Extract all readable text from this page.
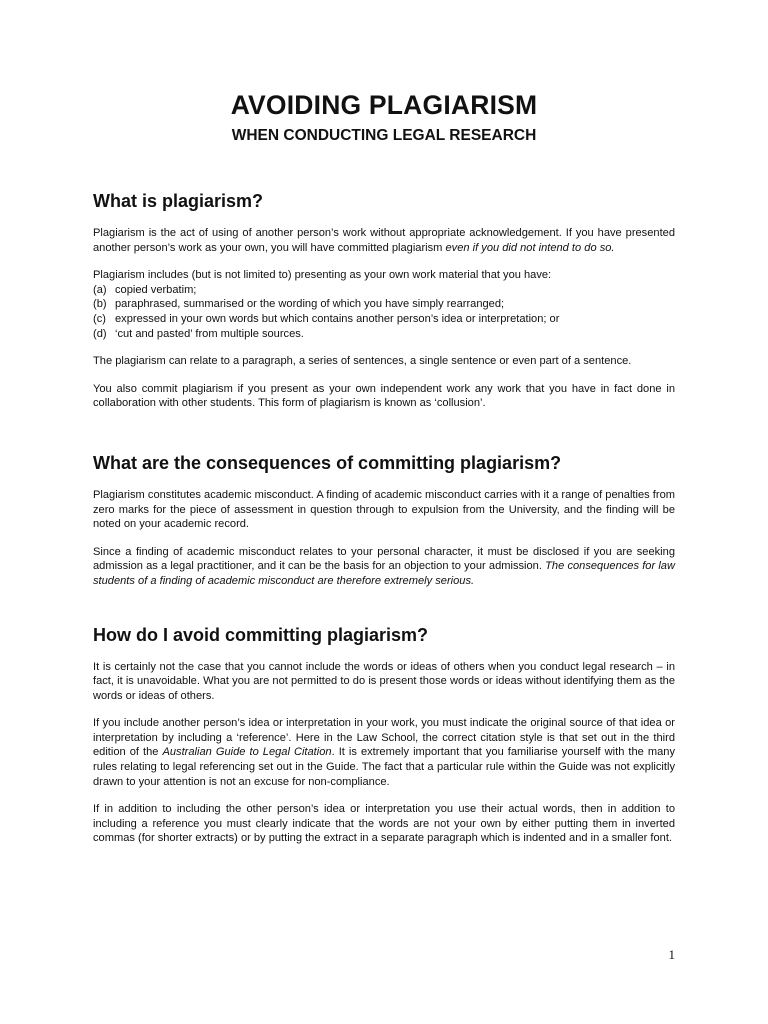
AVOIDING PLAGIARISM
WHEN CONDUCTING LEGAL RESEARCH
What is plagiarism?

Plagiarism is the act of using of another person’s work without appropriate acknowledgement. If you have presented another person’s work as your own, you will have committed plagiarism even if you did not intend to do so.

Plagiarism includes (but is not limited to) presenting as your own work material that you have:

(a) copied verbatim;
(b) paraphrased, summarised or the wording of which you have simply rearranged;
(c) expressed in your own words but which contains another person’s idea or interpretation; or
(d) ‘cut and pasted’ from multiple sources.

The plagiarism can relate to a paragraph, a series of sentences, a single sentence or even part of a sentence.

You also commit plagiarism if you present as your own independent work any work that you have in fact done in collaboration with other students. This form of plagiarism is known as ‘collusion’.

What are the consequences of committing plagiarism?

Plagiarism constitutes academic misconduct. A finding of academic misconduct carries with it a range of penalties from zero marks for the piece of assessment in question through to expulsion from the University, and the finding will be noted on your academic record.

Since a finding of academic misconduct relates to your personal character, it must be disclosed if you are seeking admission as a legal practitioner, and it can be the basis for an objection to your admission. The consequences for law students of a finding of academic misconduct are therefore extremely serious.

How do I avoid committing plagiarism?

It is certainly not the case that you cannot include the words or ideas of others when you conduct legal research – in fact, it is unavoidable. What you are not permitted to do is present those words or ideas without identifying them as the words or ideas of others.

If you include another person’s idea or interpretation in your work, you must indicate the original source of that idea or interpretation by including a ‘reference’. Here in the Law School, the correct citation style is that set out in the third edition of the Australian Guide to Legal Citation. It is extremely important that you familiarise yourself with the many rules relating to legal referencing set out in the Guide. The fact that a particular rule within the Guide was not explicitly drawn to your attention is not an excuse for non-compliance.

If in addition to including the other person’s idea or interpretation you use their actual words, then in addition to including a reference you must clearly indicate that the words are not your own by either putting them in inverted commas (for shorter extracts) or by putting the extract in a separate paragraph which is indented and in a smaller font.

1
